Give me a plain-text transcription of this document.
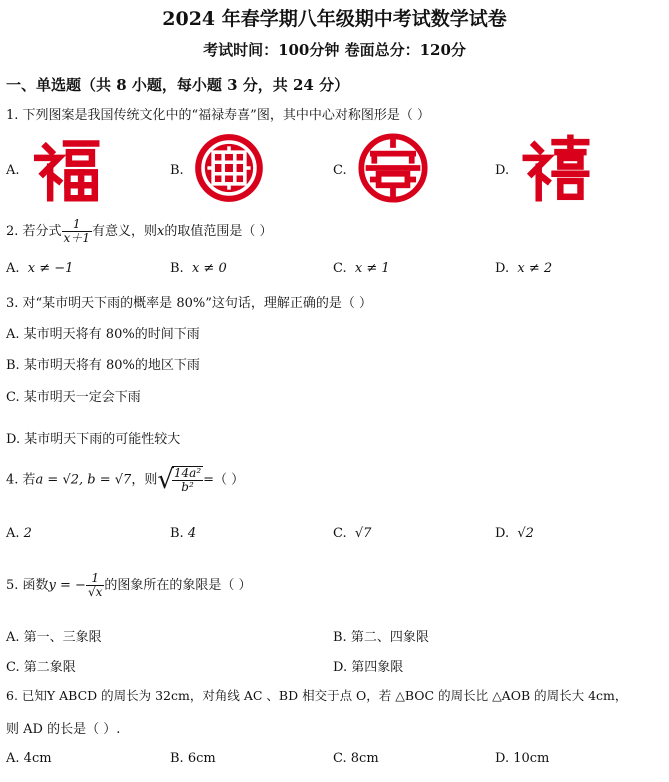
2024 年春学期八年级期中考试数学试卷
考试时间：100分钟 卷面总分：120分
一、单选题（共 8 小题，每小题 3 分，共 24 分）
1. 下列图案是我国传统文化中的“福禄寿喜”图，其中中心对称图形是（ ）
A.	B.	C.	D.
2. 若分式 $\frac{1}{x+1}$ 有意义，则x的取值范围是（ ）
A. x ≠ −1	B. x ≠ 0	C. x ≠ 1	D. x ≠ 2
3. 对“某市明天下雨的概率是 80%”这句话，理解正确的是（ ）
A. 某市明天将有 80%的时间下雨
B. 某市明天将有 80%的地区下雨
C. 某市明天一定会下雨
D. 某市明天下雨的可能性较大
4. 若a = √2, b = √7，则√
$\frac{\text{14a²}}{\text{b²}}$ =（ ）
A. 2	B. 4	C. √7	D. √2
5. 函数y = − $\frac{1}{√x}$ 的图象所在的象限是（ ）
A. 第一、三象限	B. 第二、四象限
C. 第二象限	D. 第四象限
6. 已知Y ABCD 的周长为 32cm，对角线 AC 、BD 相交于点 O，若 △BOC 的周长比 △AOB 的周长大 4cm，
则 AD 的长是（ ）.
A. 4cm	B. 6cm	C. 8cm	D. 10cm
